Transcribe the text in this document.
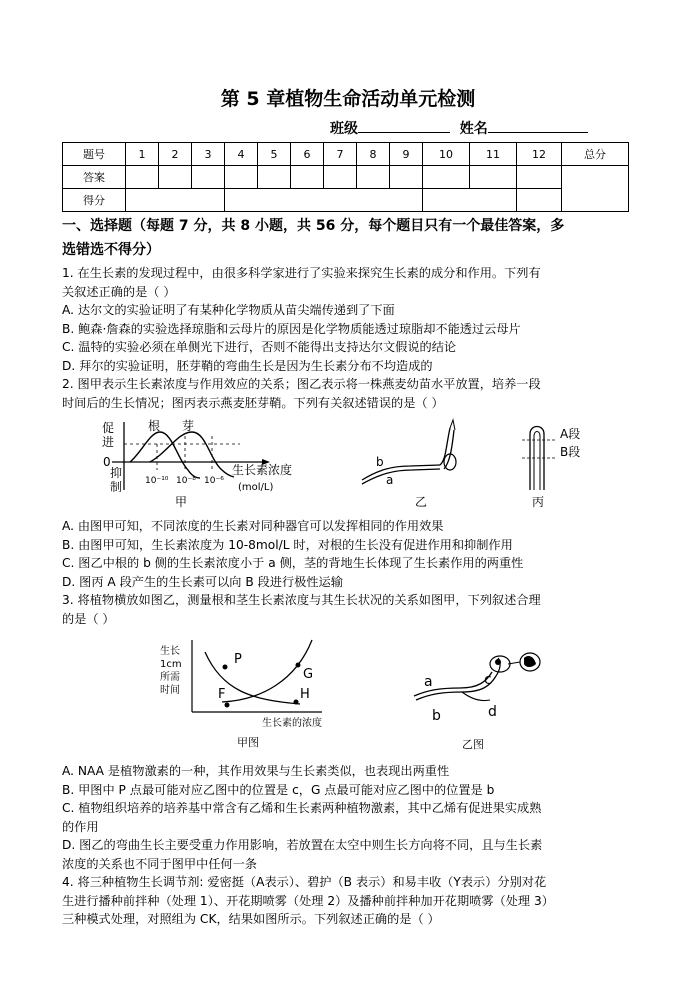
第 5 章植物生命活动单元检测
班级	姓名
题号	1	2	3	4	5	6	7	8	9	10	11	12	总分
答案													
得分													
一、选择题（每题 7 分，共 8 小题，共 56 分，每个题目只有一个最佳答案，多
选错选不得分）

1. 在生长素的发现过程中，由很多科学家进行了实验来探究生长素的成分和作用。下列有

关叙述正确的是（ ）

A. 达尔文的实验证明了有某种化学物质从苗尖端传递到了下面

B. 鲍森·詹森的实验选择琼脂和云母片的原因是化学物质能透过琼脂却不能透过云母片

C. 温特的实验必须在单侧光下进行，否则不能得出支持达尔文假说的结论

D. 拜尔的实验证明，胚芽鞘的弯曲生长是因为生长素分布不均造成的

2. 图甲表示生长素浓度与作用效应的关系；图乙表示将一株燕麦幼苗水平放置，培养一段

时间后的生长情况；图丙表示燕麦胚芽鞘。下列有关叙述错误的是（ ）

促
进
0
抑
制
根 芽
生长素浓度
(mol/L)
10⁻¹⁰ 10⁻⁸ 10⁻⁶
甲
b
a
乙
A段
B段
丙

A. 由图甲可知，不同浓度的生长素对同种器官可以发挥相同的作用效果

B. 由图甲可知，生长素浓度为 10-8mol/L 时，对根的生长没有促进作用和抑制作用

C. 图乙中根的 b 侧的生长素浓度小于 a 侧，茎的背地生长体现了生长素作用的两重性

D. 图丙 A 段产生的生长素可以向 B 段进行极性运输

3. 将植物横放如图乙，测量根和茎生长素浓度与其生长状况的关系如图甲，下列叙述合理

的是（ ）

生长
1cm
所需
时间
P
G
F	H
生长素的浓度
甲图
a
b
c
d
乙图

A. NAA 是植物激素的一种，其作用效果与生长素类似，也表现出两重性

B. 甲图中 P 点最可能对应乙图中的位置是 c，G 点最可能对应乙图中的位置是 b

C. 植物组织培养的培养基中常含有乙烯和生长素两种植物激素，其中乙烯有促进果实成熟

的作用

D. 图乙的弯曲生长主要受重力作用影响，若放置在太空中则生长方向将不同，且与生长素

浓度的关系也不同于图甲中任何一条

4. 将三种植物生长调节剂: 爱密挺（A表示）、碧护（B 表示）和易丰收（Y表示）分别对花

生进行播种前拌种（处理 1）、开花期喷雾（处理 2）及播种前拌种加开花期喷雾（处理 3）

三种模式处理，对照组为 CK，结果如图所示。下列叙述正确的是（ ）
